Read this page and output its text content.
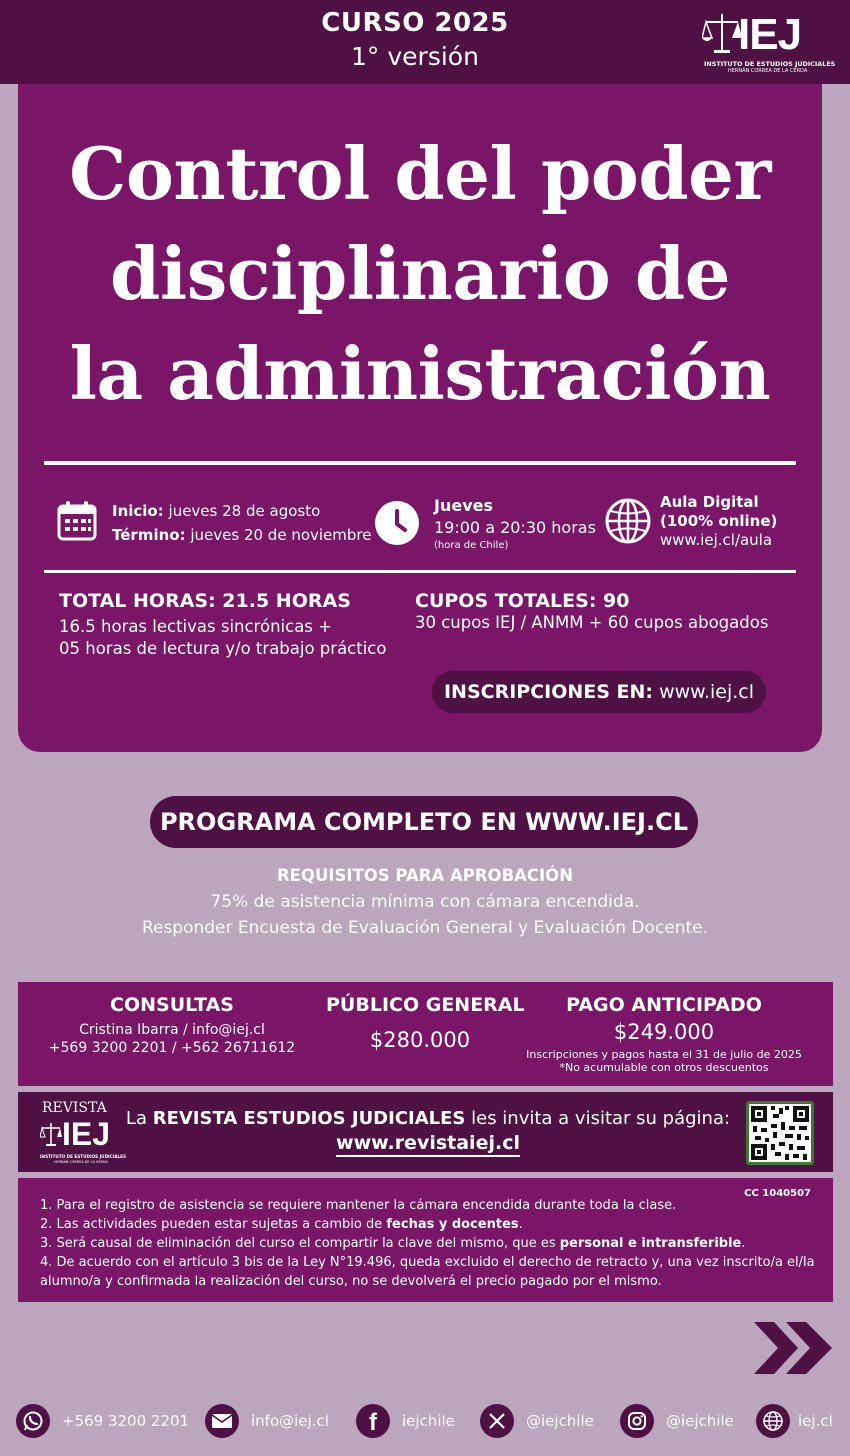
CURSO 2025
1° versión	IEJ
INSTITUTO DE ESTUDIOS JUDICIALES
HERNÁN CORREA DE LA CERDA
Control del poder
disciplinario de
la administración
Inicio: jueves 28 de agosto
Término: jueves 20 de noviembre
Jueves
19:00 a 20:30 horas
(hora de Chile)
Aula Digital
(100% online)
www.iej.cl/aula
TOTAL HORAS: 21.5 HORAS
16.5 horas lectivas sincrónicas +
05 horas de lectura y/o trabajo práctico
CUPOS TOTALES: 90
30 cupos IEJ / ANMM + 60 cupos abogados
INSCRIPCIONES EN: www.iej.cl
PROGRAMA COMPLETO EN WWW.IEJ.CL
REQUISITOS PARA APROBACIÓN
75% de asistencia mínima con cámara encendida.
Responder Encuesta de Evaluación General y Evaluación Docente.
CONSULTAS
Cristina Ibarra / info@iej.cl
+569 3200 2201 / +562 26711612
PÚBLICO GENERAL
$280.000
PAGO ANTICIPADO
$249.000
Inscripciones y pagos hasta el 31 de julio de 2025
*No acumulable con otros descuentos
REVISTA
IEJ
INSTITUTO DE ESTUDIOS JUDICIALES
HERNÁN CORREA DE LA CERDA
La REVISTA ESTUDIOS JUDICIALES les invita a visitar su página:
www.revistaiej.cl
CC 1040507
1. Para el registro de asistencia se requiere mantener la cámara encendida durante toda la clase.
2. Las actividades pueden estar sujetas a cambio de fechas y docentes.
3. Será causal de eliminación del curso el compartir la clave del mismo, que es personal e intransferible.
4. De acuerdo con el artículo 3 bis de la Ley N°19.496, queda excluido el derecho de retracto y, una vez inscrito/a el/la alumno/a y confirmada la realización del curso, no se devolverá el precio pagado por el mismo.
+569 3200 2201	info@iej.cl f iejchile	@iejchile	@iejchile	iej.cl
